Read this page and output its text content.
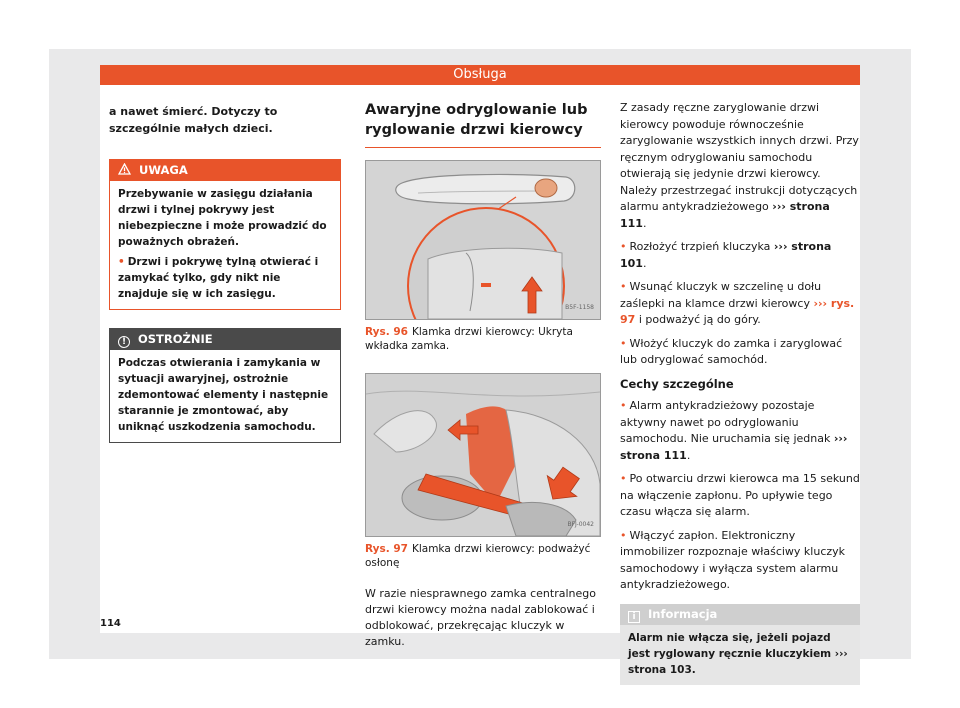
Obsługa
a nawet śmierć. Dotyczy to szczególnie małych dzieci.
UWAGA
Przebywanie w zasięgu działania drzwi i tylnej pokrywy jest niebezpieczne i może prowadzić do poważnych obrażeń.
• Drzwi i pokrywę tylną otwierać i zamykać tylko, gdy nikt nie znajduje się w ich zasięgu.
! OSTROŻNIE
Podczas otwierania i zamykania w sytuacji awaryjnej, ostrożnie zdemontować elementy i następnie starannie je zmontować, aby uniknąć uszkodzenia samochodu.
Awaryjne odryglowanie lub ryglowanie drzwi kierowcy
B5F-1158
Rys. 96 Klamka drzwi kierowcy: Ukryta wkładka zamka.
BFJ-0042
Rys. 97 Klamka drzwi kierowcy: podważyć osłonę
W razie niesprawnego zamka centralnego drzwi kierowcy można nadal zablokować i odblokować, przekręcając kluczyk w zamku.
Z zasady ręczne zaryglowanie drzwi kierowcy powoduje równocześnie zaryglowanie wszystkich innych drzwi. Przy ręcznym odryglowaniu samochodu otwierają się jedynie drzwi kierowcy. Należy przestrzegać instrukcji dotyczących alarmu antykradzieżowego ››› strona 111.
• Rozłożyć trzpień kluczyka ››› strona 101.
• Wsunąć kluczyk w szczelinę u dołu zaślepki na klamce drzwi kierowcy ››› rys. 97 i podważyć ją do góry.
• Włożyć kluczyk do zamka i zaryglować lub odryglować samochód.
Cechy szczególne
• Alarm antykradzieżowy pozostaje aktywny nawet po odryglowaniu samochodu. Nie uruchamia się jednak ››› strona 111.
• Po otwarciu drzwi kierowca ma 15 sekund na włączenie zapłonu. Po upływie tego czasu włącza się alarm.
• Włączyć zapłon. Elektroniczny immobilizer rozpoznaje właściwy kluczyk samochodowy i wyłącza system alarmu antykradzieżowego.
i Informacja
Alarm nie włącza się, jeżeli pojazd jest ryglowany ręcznie kluczykiem ››› strona 103.
114
